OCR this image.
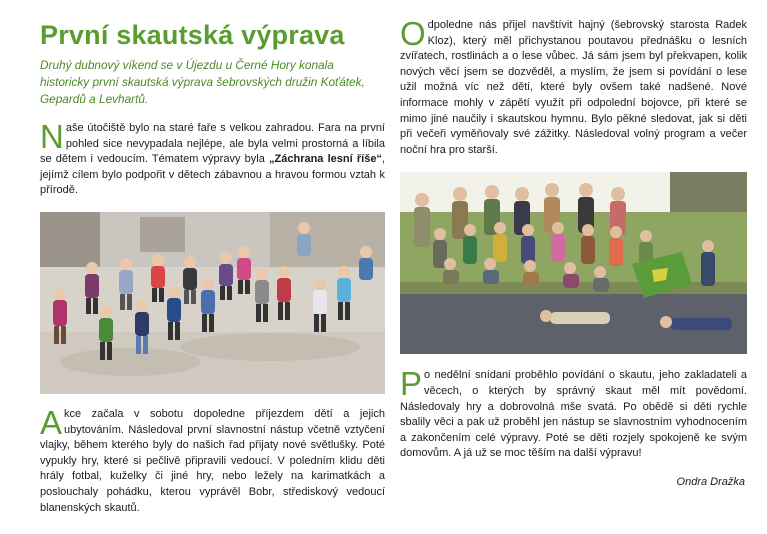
První skautská výprava

Druhý dubnový víkend se v Újezdu u Černé Hory konala historicky první skautská výprava šebrovských družin Koťátek, Gepardů a Levhartů.

Naše útočiště bylo na staré faře s velkou zahradou. Fara na první pohled sice nevypadala nejlépe, ale byla velmi prostorná a líbila se dětem i vedoucím. Tématem výpravy byla „Záchrana lesní říše“, jejímž cílem bylo podpořit v dětech zábavnou a hravou formou vztah k přírodě.

Akce začala v sobotu dopoledne příjezdem dětí a jejich ubytováním. Následoval první slavnostní nástup včetně vztyčení vlajky, během kterého byly do našich řad přijaty nové světlušky. Poté vypukly hry, které si pečlivě připravili vedoucí. V poledním klidu děti hrály fotbal, kuželky či jiné hry, nebo ležely na karimatkách a poslouchaly pohádku, kterou vyprávěl Bobr, střediskový vedoucí blanenských skautů.

Odpoledne nás přijel navštívit hajný (šebrovský starosta Radek Kloz), který měl přichystanou poutavou přednášku o lesních zvířatech, rostlinách a o lese vůbec. Já sám jsem byl překvapen, kolik nových věcí jsem se dozvěděl, a myslím, že jsem si povídání o lese užil možná víc než děti, které byly ovšem také nadšené. Nové informace mohly v zápětí využít při odpolední bojovce, při které se mimo jiné naučily i skautskou hymnu. Bylo pěkné sledovat, jak si děti při večeři vyměňovaly své zážitky. Následoval volný program a večer noční hra pro starší.

Po nedělní snídani proběhlo povídání o skautu, jeho zakladateli a věcech, o kterých by správný skaut měl mít povědomí. Následovaly hry a dobrovolná mše svatá. Po obědě si děti rychle sbalily věci a pak už proběhl jen nástup se slavnostním vyhodnocením a zakončením celé výpravy. Poté se děti rozjely spokojeně ke svým domovům. A já už se moc těším na další výpravu!

Ondra Dražka
